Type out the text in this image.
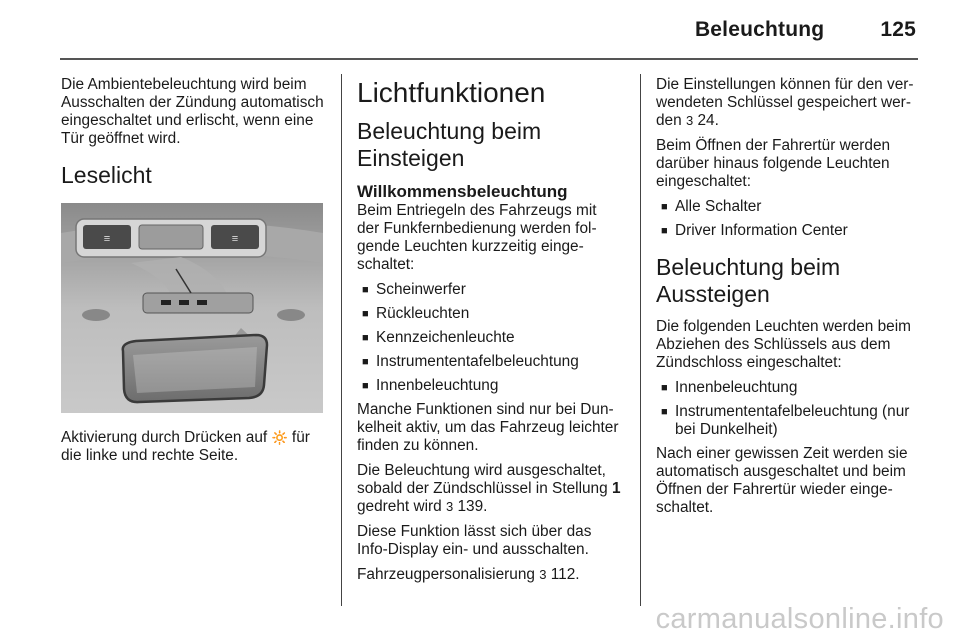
Beleuchtung	125

Die Ambientebeleuchtung wird beim Ausschalten der Zündung automatisch eingeschaltet und erlischt, wenn eine Tür geöffnet wird.

Leselicht
≡	≡

Aktivierung durch Drücken auf 🔆 für die linke und rechte Seite.

Lichtfunktionen
Beleuchtung beim Einsteigen
Willkommensbeleuchtung

Beim Entriegeln des Fahrzeugs mit der Funkfernbedienung werden folgende Leuchten kurzzeitig eingeschaltet:

■ Scheinwerfer
■ Rückleuchten
■ Kennzeichenleuchte
■ Instrumententafelbeleuchtung
■ Innenbeleuchtung

Manche Funktionen sind nur bei Dunkelheit aktiv, um das Fahrzeug leichter finden zu können.

Die Beleuchtung wird ausgeschaltet, sobald der Zündschlüssel in Stellung 1 gedreht wird 3 139.

Diese Funktion lässt sich über das Info-Display ein- und ausschalten.

Fahrzeugpersonalisierung 3 112.

Die Einstellungen können für den verwendeten Schlüssel gespeichert werden 3 24.

Beim Öffnen der Fahrertür werden darüber hinaus folgende Leuchten eingeschaltet:

■ Alle Schalter
■ Driver Information Center
Beleuchtung beim Aussteigen

Die folgenden Leuchten werden beim Abziehen des Schlüssels aus dem Zündschloss eingeschaltet:

■ Innenbeleuchtung
■ Instrumententafelbeleuchtung (nur bei Dunkelheit)

Nach einer gewissen Zeit werden sie automatisch ausgeschaltet und beim Öffnen der Fahrertür wieder eingeschaltet.

carmanualsonline.info
